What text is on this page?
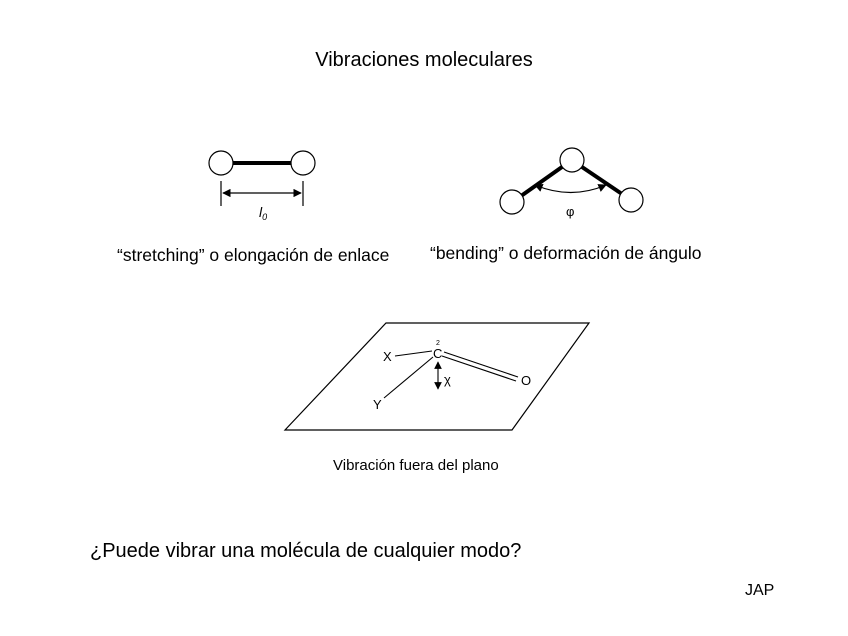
Vibraciones moleculares
$l_0$	φ
X
Y
C
2
O
χ
“stretching” o elongación de enlace “bending” o deformación de ángulo
Vibración fuera del plano
¿Puede vibrar una molécula de cualquier modo?
JAP
